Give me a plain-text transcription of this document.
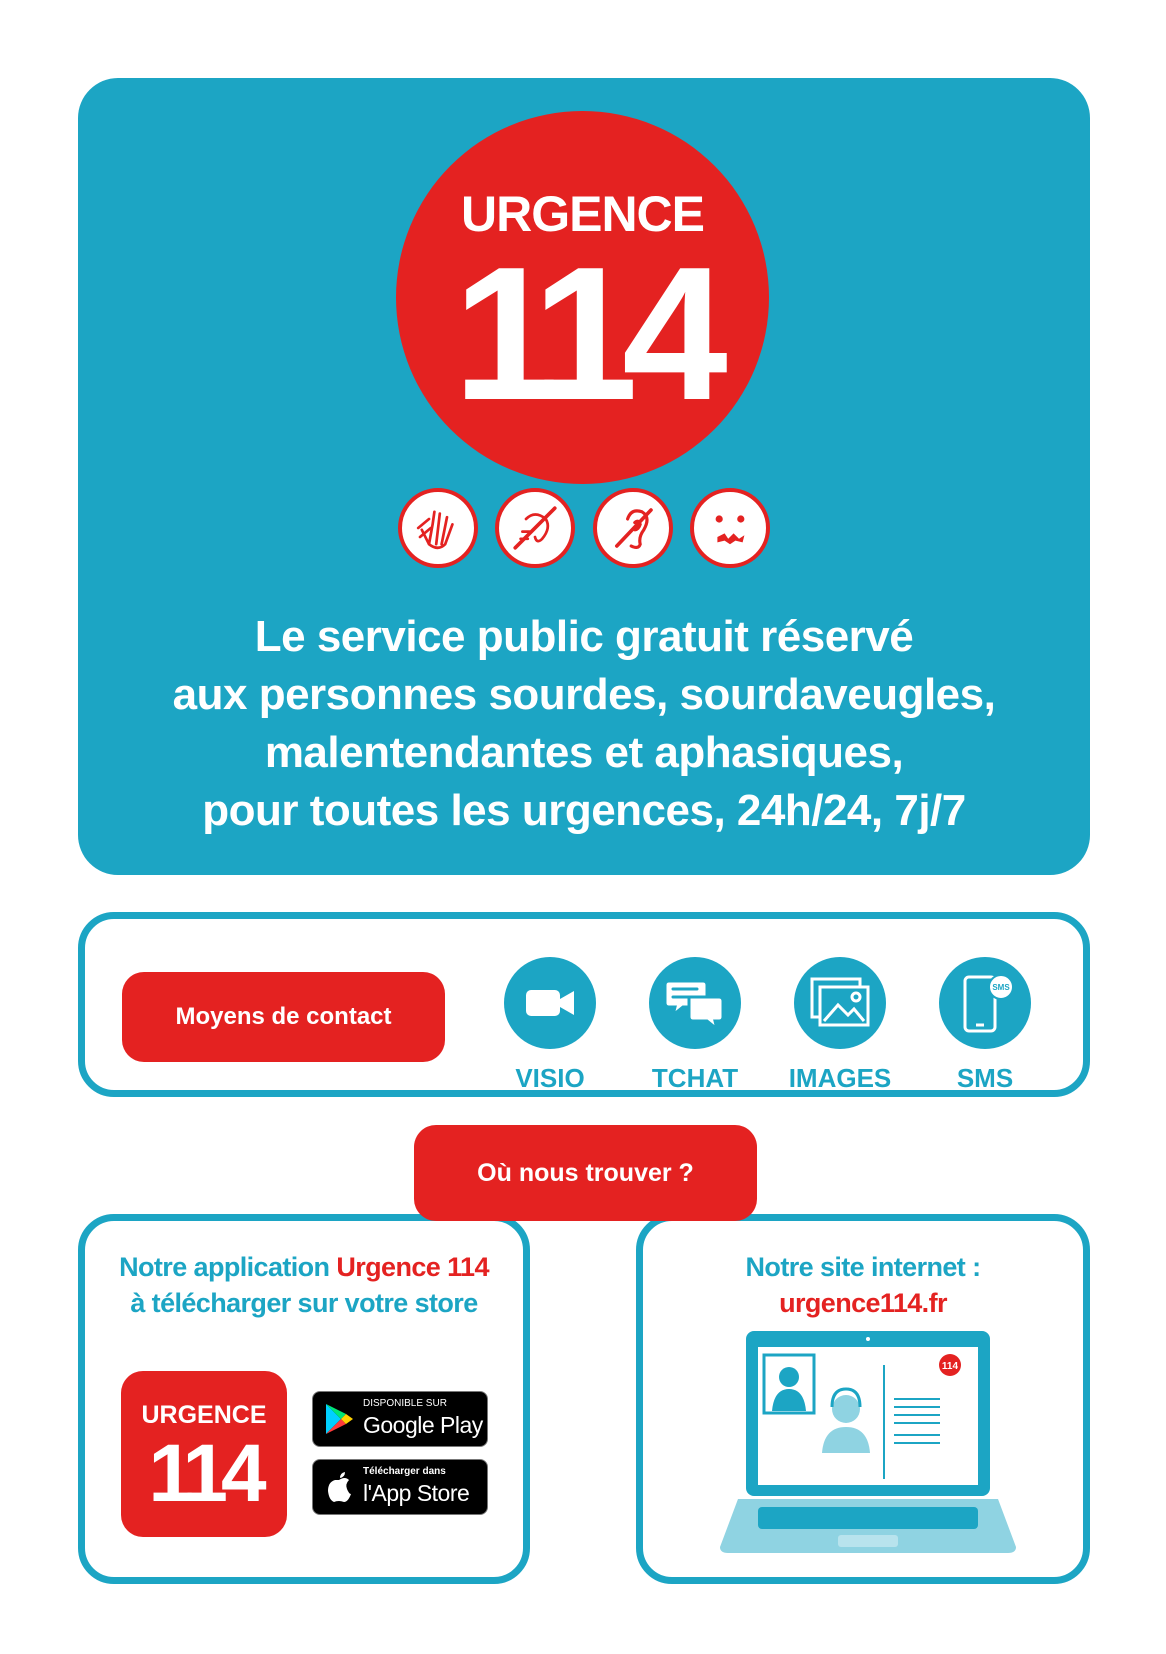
URGENCE
114
Le service public gratuit réservé
aux personnes sourdes, sourdaveugles,
malentendantes et aphasiques,
pour toutes les urgences, 24h/24, 7j/7
Moyens de contact
VISIO	TCHAT	IMAGES
SMS
SMS
Où nous trouver ?
Notre application Urgence 114
à télécharger sur votre store
URGENCE
114
DISPONIBLE SUR
Google Play
Télécharger dans
l'App Store
Notre site internet :
urgence114.fr
114
